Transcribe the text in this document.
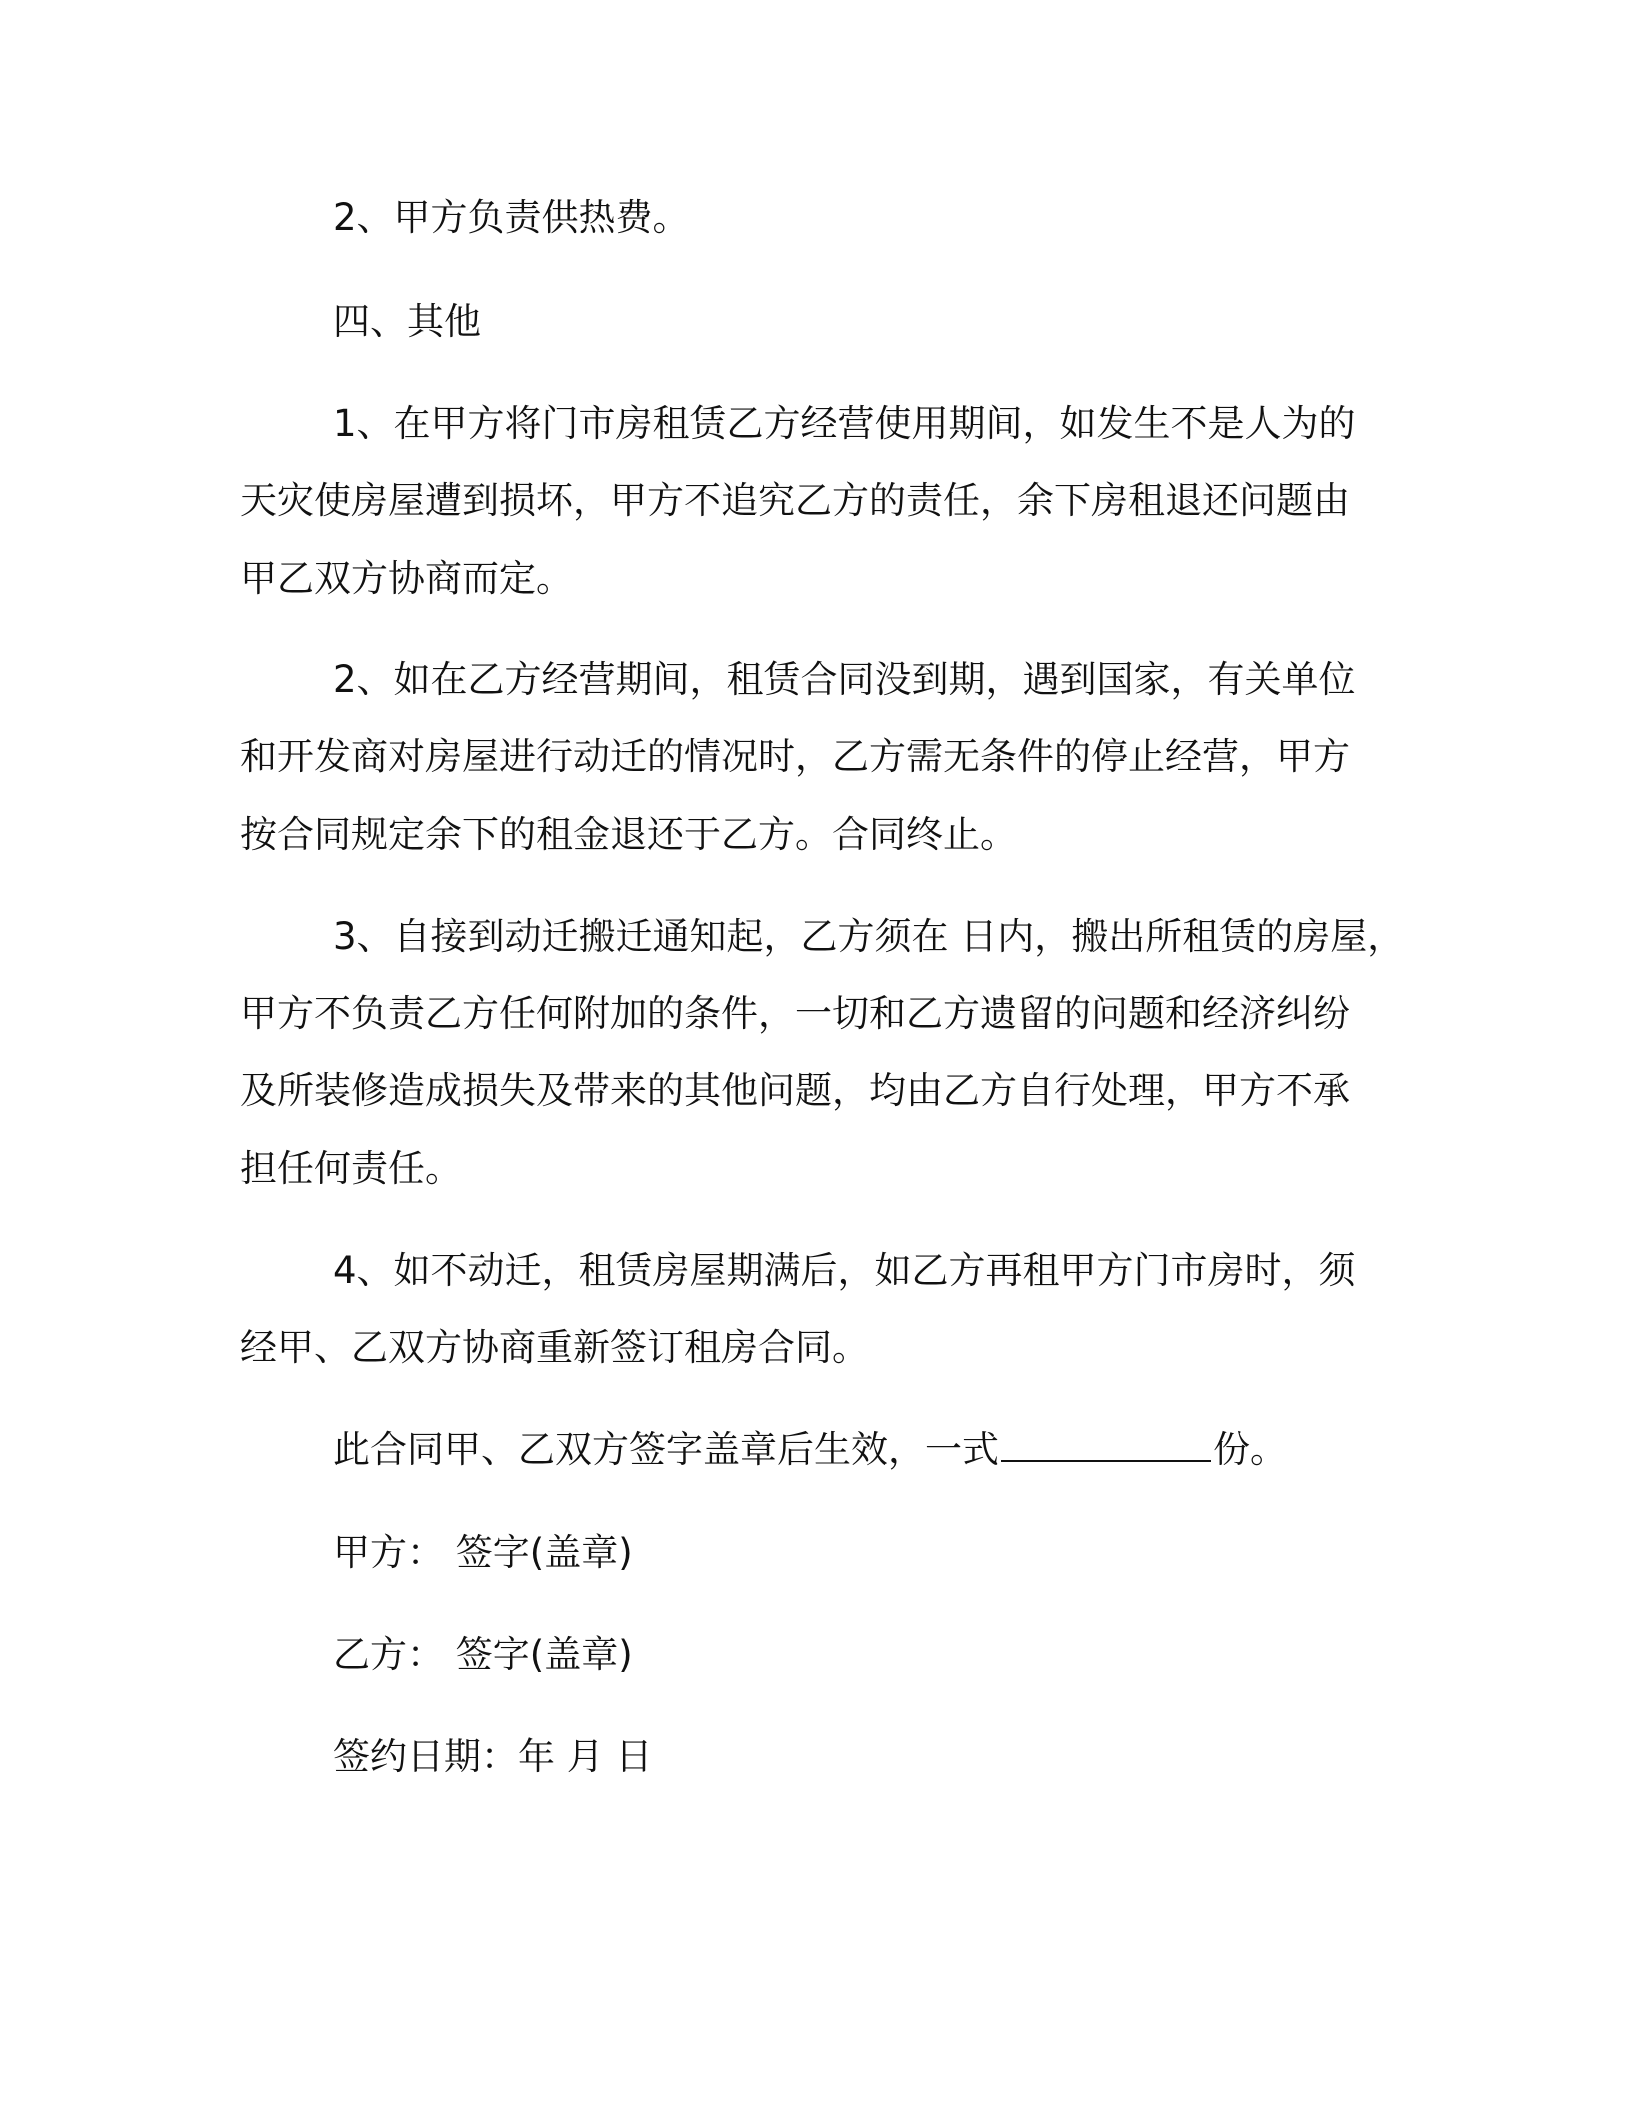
2、甲方负责供热费。
四、其他
1、在甲方将门市房租赁乙方经营使用期间，如发生不是人为的
天灾使房屋遭到损坏，甲方不追究乙方的责任，余下房租退还问题由
甲乙双方协商而定。
2、如在乙方经营期间，租赁合同没到期，遇到国家，有关单位
和开发商对房屋进行动迁的情况时，乙方需无条件的停止经营，甲方
按合同规定余下的租金退还于乙方。合同终止。
3、自接到动迁搬迁通知起，乙方须在 日内，搬出所租赁的房屋，
甲方不负责乙方任何附加的条件，一切和乙方遗留的问题和经济纠纷
及所装修造成损失及带来的其他问题，均由乙方自行处理，甲方不承
担任何责任。
4、如不动迁，租赁房屋期满后，如乙方再租甲方门市房时，须
经甲、乙双方协商重新签订租房合同。
此合同甲、乙双方签字盖章后生效，一式	份。
甲方： 签字(盖章)
乙方： 签字(盖章)
签约日期：年 月 日
